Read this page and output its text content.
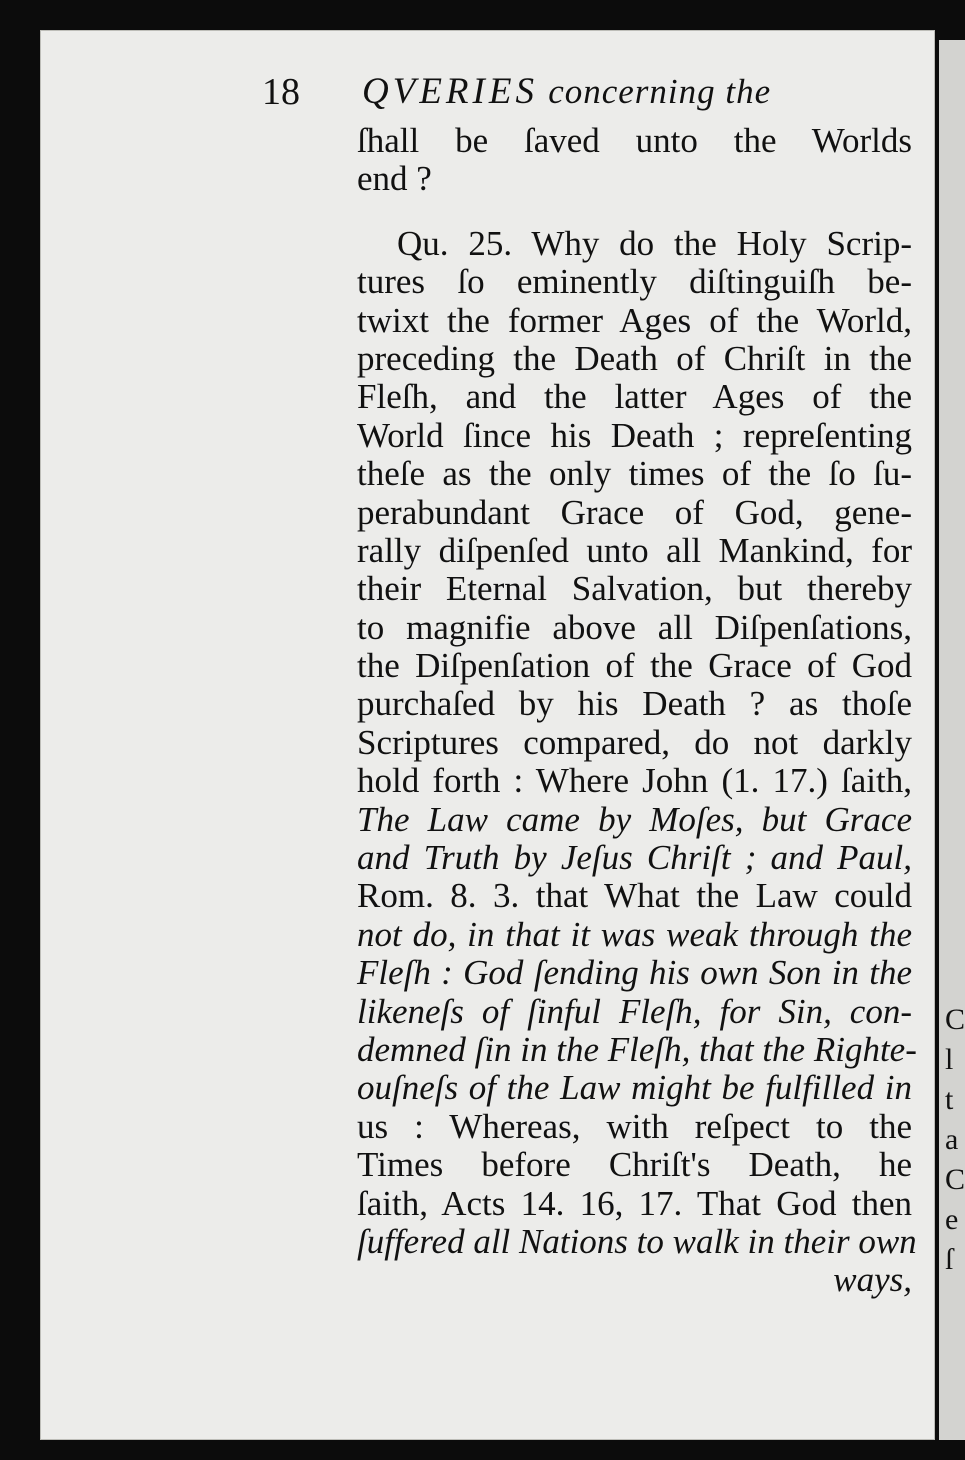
C
l
t
a
C
e
ſ
18 QVERIES concerning the
ſhall be ſaved unto the Worlds
end ?
Qu. 25. Why do the Holy Scrip-
tures ſo eminently diſtinguiſh be-
twixt the former Ages of the World,
preceding the Death of Chriſt in the
Fleſh, and the latter Ages of the
World ſince his Death ; repreſenting
theſe as the only times of the ſo ſu-
perabundant Grace of God, gene-
rally diſpenſed unto all Mankind, for
their Eternal Salvation, but thereby
to magnifie above all Diſpenſations,
the Diſpenſation of the Grace of God
purchaſed by his Death ? as thoſe
Scriptures compared, do not darkly
hold forth : Where John (1. 17.) ſaith,
The Law came by Moſes, but Grace
and Truth by Jeſus Chriſt ; and Paul,
Rom. 8. 3. that What the Law could
not do, in that it was weak through the
Fleſh : God ſending his own Son in the
likeneſs of ſinful Fleſh, for Sin, con-
demned ſin in the Fleſh, that the Righte-
ouſneſs of the Law might be fulfilled in
us : Whereas, with reſpect to the
Times before Chriſt's Death, he
ſaith, Acts 14. 16, 17. That God then
ſuffered all Nations to walk in their own
ways,
